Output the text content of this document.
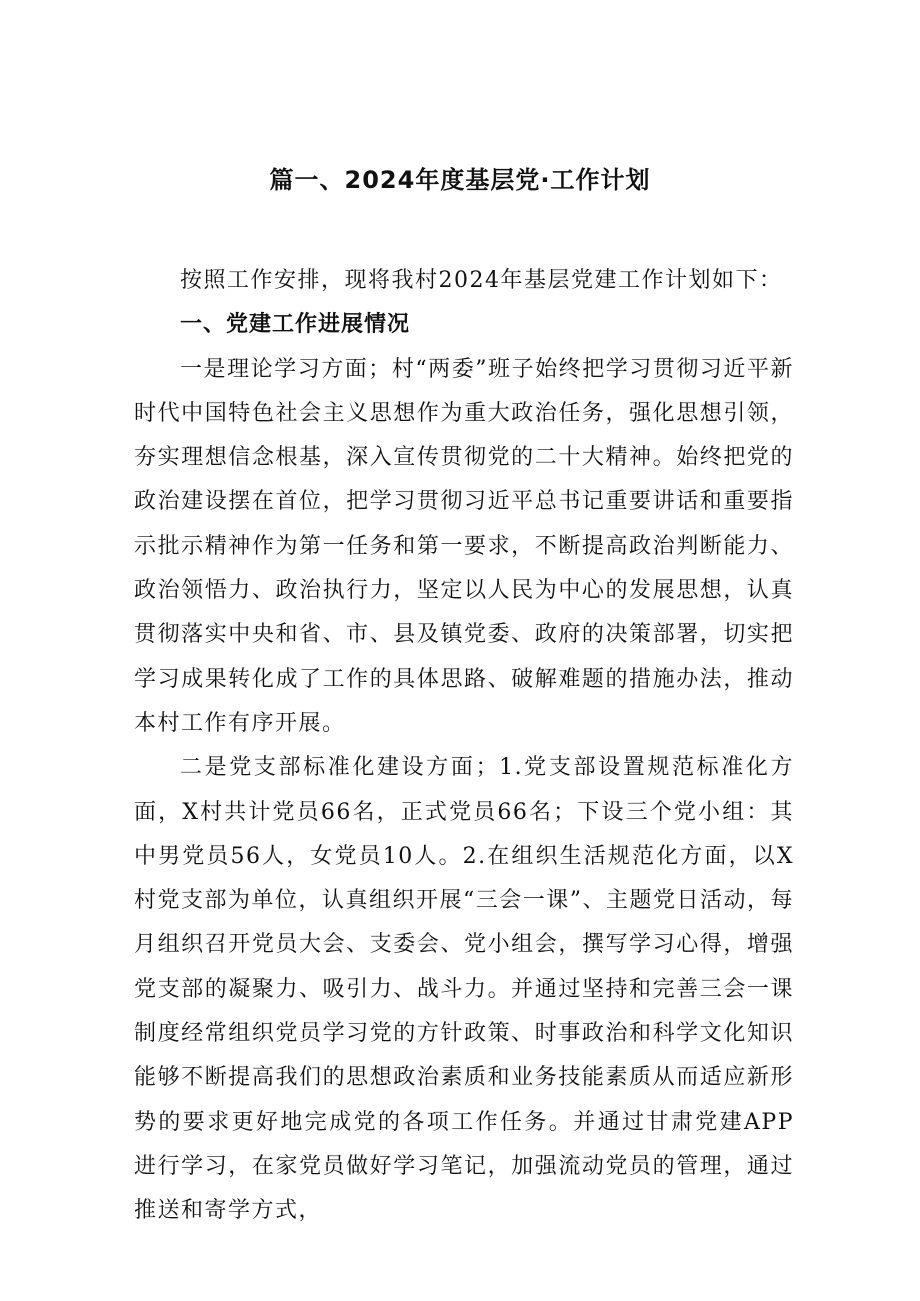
篇一、2024年度基层党·工作计划

按照工作安排，现将我村2024年基层党建工作计划如下：

一、党建工作进展情况

一是理论学习方面；村“两委”班子始终把学习贯彻习近平新时代中国特色社会主义思想作为重大政治任务，强化思想引领，夯实理想信念根基，深入宣传贯彻党的二十大精神。始终把党的政治建设摆在首位，把学习贯彻习近平总书记重要讲话和重要指示批示精神作为第一任务和第一要求，不断提高政治判断能力、政治领悟力、政治执行力，坚定以人民为中心的发展思想，认真贯彻落实中央和省、市、县及镇党委、政府的决策部署，切实把学习成果转化成了工作的具体思路、破解难题的措施办法，推动本村工作有序开展。

二是党支部标准化建设方面；1.党支部设置规范标准化方面，X村共计党员66名，正式党员66名；下设三个党小组：其中男党员56人，女党员10人。2.在组织生活规范化方面，以X村党支部为单位，认真组织开展“三会一课”、主题党日活动，每月组织召开党员大会、支委会、党小组会，撰写学习心得，增强党支部的凝聚力、吸引力、战斗力。并通过坚持和完善三会一课制度经常组织党员学习党的方针政策、时事政治和科学文化知识能够不断提高我们的思想政治素质和业务技能素质从而适应新形势的要求更好地完成党的各项工作任务。并通过甘肃党建APP进行学习，在家党员做好学习笔记，加强流动党员的管理，通过推送和寄学方式，
